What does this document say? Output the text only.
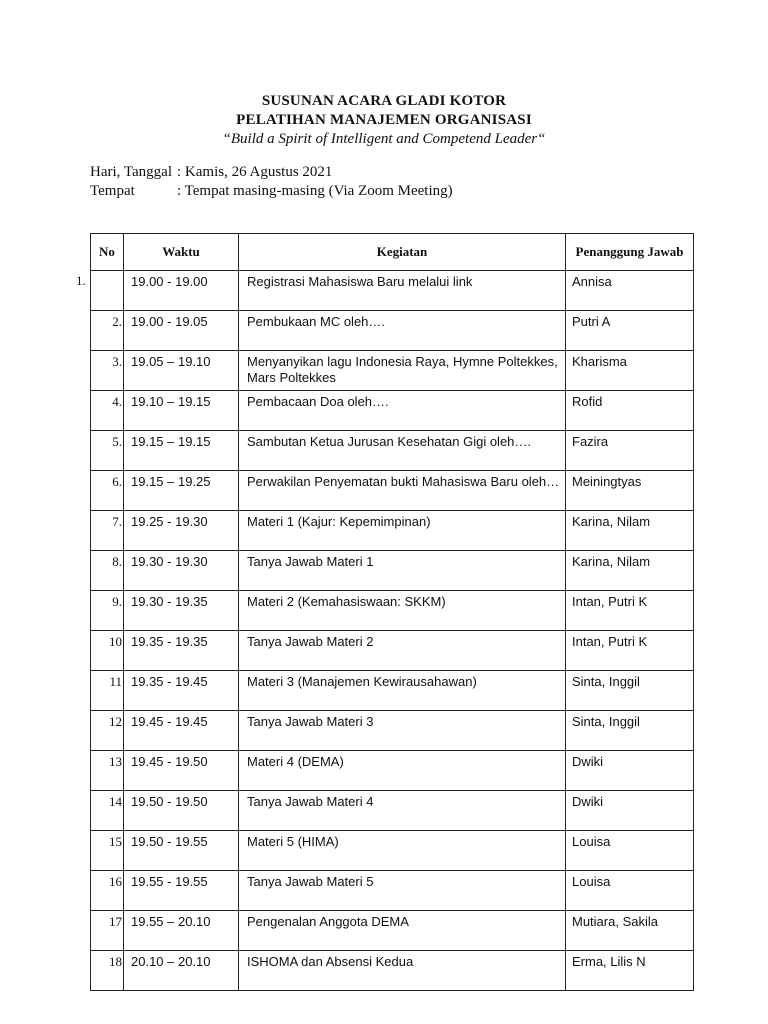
SUSUNAN ACARA GLADI KOTOR
PELATIHAN MANAJEMEN ORGANISASI
“Build a Spirit of Intelligent and Competend Leader“
Hari, Tanggal : Kamis, 26 Agustus 2021
Tempat	: Tempat masing-masing (Via Zoom Meeting)
1.
No	Waktu	Kegiatan	Penanggung Jawab
	19.00 - 19.00	Registrasi Mahasiswa Baru melalui link	Annisa
2.	19.00 - 19.05	Pembukaan MC oleh….	Putri A
3.	19.05 – 19.10	Menyanyikan lagu Indonesia Raya, Hymne Poltekkes, Mars Poltekkes	Kharisma
4.	19.10 – 19.15	Pembacaan Doa oleh….	Rofid
5.	19.15 – 19.15	Sambutan Ketua Jurusan Kesehatan Gigi oleh….	Fazira
6.	19.15 – 19.25	Perwakilan Penyematan bukti Mahasiswa Baru oleh…	Meiningtyas
7.	19.25 - 19.30	Materi 1 (Kajur: Kepemimpinan)	Karina, Nilam
8.	19.30 - 19.30	Tanya Jawab Materi 1	Karina, Nilam
9.	19.30 - 19.35	Materi 2 (Kemahasiswaan: SKKM)	Intan, Putri K
10	19.35 - 19.35	Tanya Jawab Materi 2	Intan, Putri K
11	19.35 - 19.45	Materi 3 (Manajemen Kewirausahawan)	Sinta, Inggil
12	19.45 - 19.45	Tanya Jawab Materi 3	Sinta, Inggil
13	19.45 - 19.50	Materi 4 (DEMA)	Dwiki
14	19.50 - 19.50	Tanya Jawab Materi 4	Dwiki
15	19.50 - 19.55	Materi 5 (HIMA)	Louisa
16	19.55 - 19.55	Tanya Jawab Materi 5	Louisa
17	19.55 – 20.10	Pengenalan Anggota DEMA	Mutiara, Sakila
18	20.10 – 20.10	ISHOMA dan Absensi Kedua	Erma, Lilis N
